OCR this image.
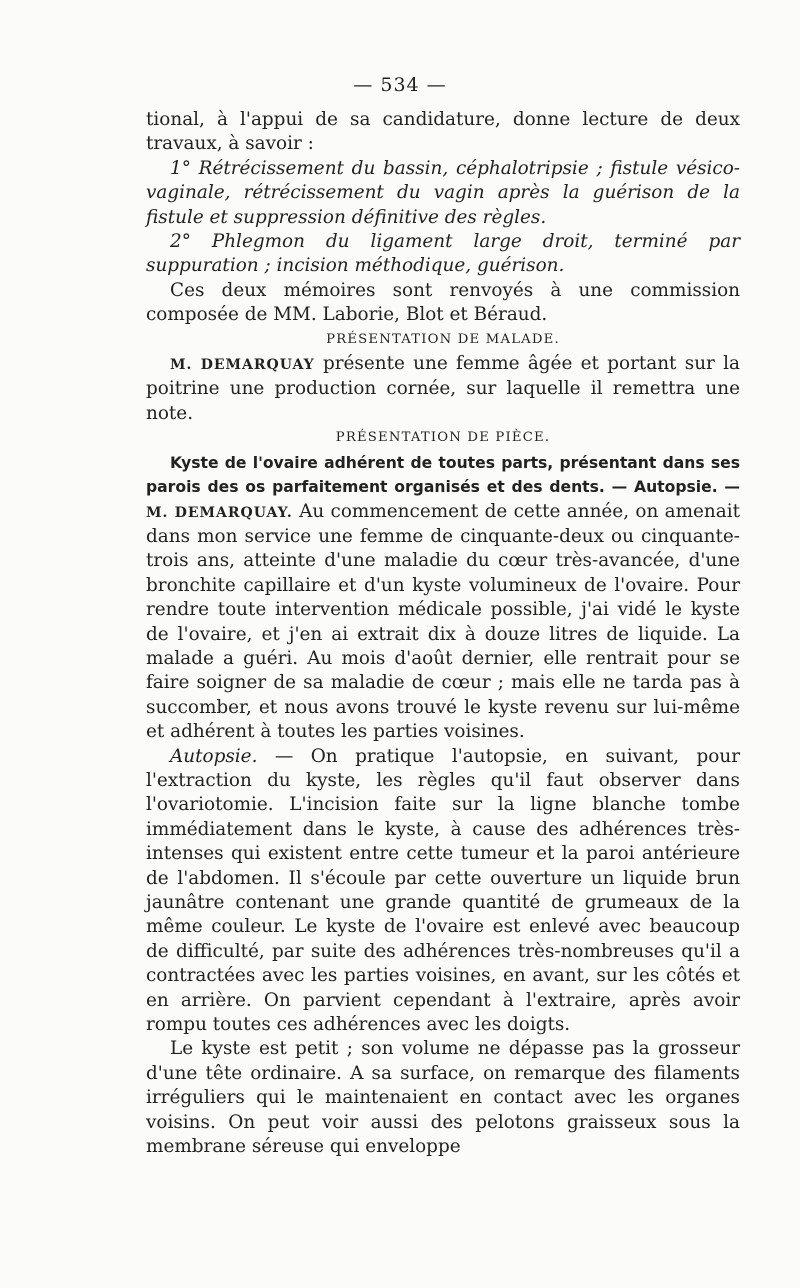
— 534 —

tional, à l'appui de sa candidature, donne lecture de deux travaux, à savoir :

1° Rétrécissement du bassin, céphalotripsie ; fistule vésico-vaginale, rétrécissement du vagin après la guérison de la fistule et suppression définitive des règles.

2° Phlegmon du ligament large droit, terminé par suppuration ; incision méthodique, guérison.

Ces deux mémoires sont renvoyés à une commission composée de MM. Laborie, Blot et Béraud.

PRÉSENTATION DE MALADE.

M. DEMARQUAY présente une femme âgée et portant sur la poitrine une production cornée, sur laquelle il remettra une note.

PRÉSENTATION DE PIÈCE.

Kyste de l'ovaire adhérent de toutes parts, présentant dans ses parois des os parfaitement organisés et des dents. — Autopsie. — M. DEMARQUAY. Au commencement de cette année, on amenait dans mon service une femme de cinquante-deux ou cinquante-trois ans, atteinte d'une maladie du cœur très-avancée, d'une bronchite capillaire et d'un kyste volumineux de l'ovaire. Pour rendre toute intervention médicale possible, j'ai vidé le kyste de l'ovaire, et j'en ai extrait dix à douze litres de liquide. La malade a guéri. Au mois d'août dernier, elle rentrait pour se faire soigner de sa maladie de cœur ; mais elle ne tarda pas à succomber, et nous avons trouvé le kyste revenu sur lui-même et adhérent à toutes les parties voisines.

Autopsie. — On pratique l'autopsie, en suivant, pour l'extraction du kyste, les règles qu'il faut observer dans l'ovariotomie. L'incision faite sur la ligne blanche tombe immédiatement dans le kyste, à cause des adhérences très-intenses qui existent entre cette tumeur et la paroi antérieure de l'abdomen. Il s'écoule par cette ouverture un liquide brun jaunâtre contenant une grande quantité de grumeaux de la même couleur. Le kyste de l'ovaire est enlevé avec beaucoup de difficulté, par suite des adhérences très-nombreuses qu'il a contractées avec les parties voisines, en avant, sur les côtés et en arrière. On parvient cependant à l'extraire, après avoir rompu toutes ces adhérences avec les doigts.

Le kyste est petit ; son volume ne dépasse pas la grosseur d'une tête ordinaire. A sa surface, on remarque des filaments irréguliers qui le maintenaient en contact avec les organes voisins. On peut voir aussi des pelotons graisseux sous la membrane séreuse qui enveloppe
